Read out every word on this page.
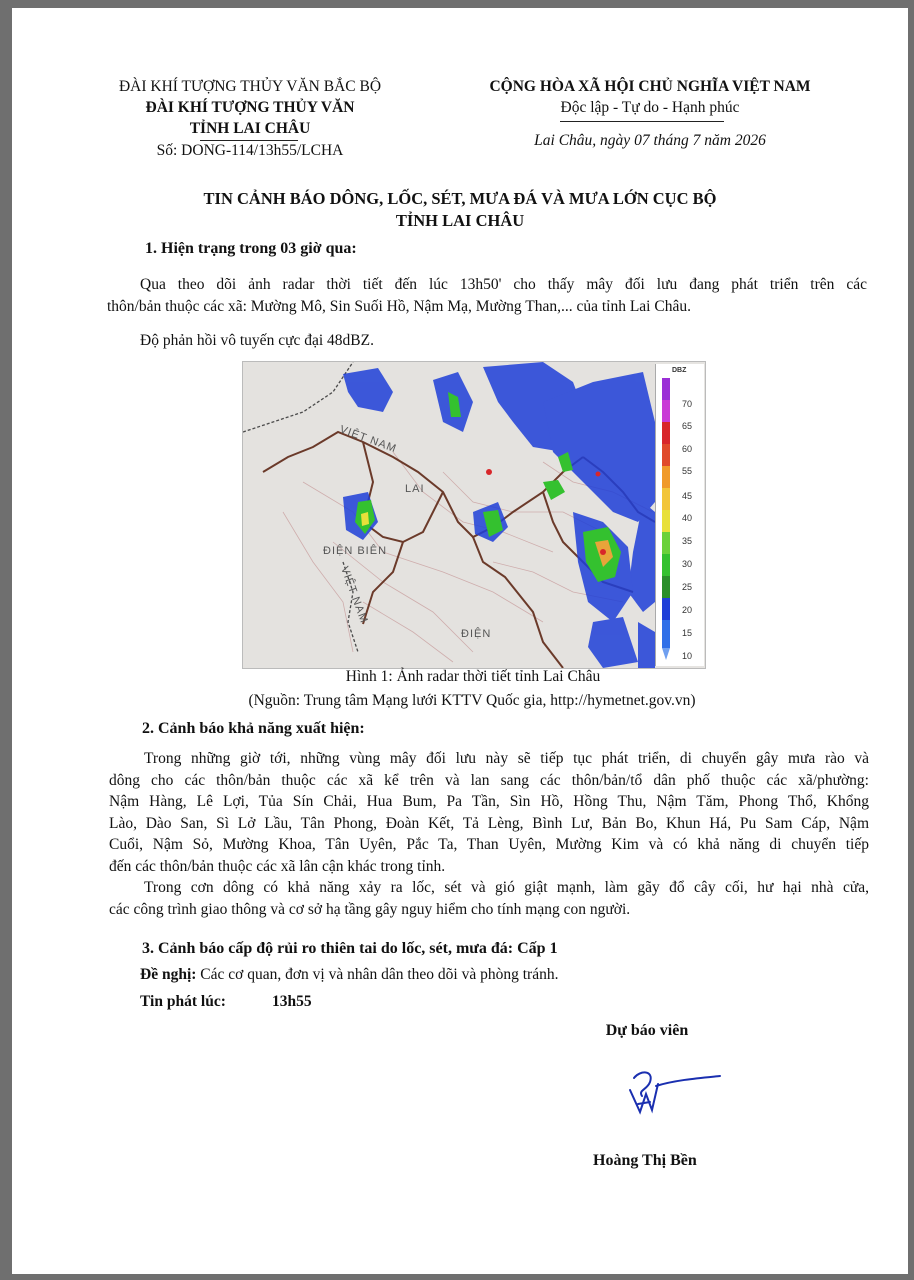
ĐÀI KHÍ TƯỢNG THỦY VĂN BẮC BỘ
ĐÀI KHÍ TƯỢNG THỦY VĂN
TỈNH LAI CHÂU
Số: DONG-114/13h55/LCHA
CỘNG HÒA XÃ HỘI CHỦ NGHĨA VIỆT NAM
Độc lập - Tự do - Hạnh phúc
Lai Châu, ngày 07 tháng 7 năm 2026
TIN CẢNH BÁO DÔNG, LỐC, SÉT, MƯA ĐÁ VÀ MƯA LỚN CỤC BỘ
TỈNH LAI CHÂU
1. Hiện trạng trong 03 giờ qua:
Qua theo dõi ảnh radar thời tiết đến lúc 13h50' cho thấy mây đối lưu đang phát triển trên các
thôn/bản thuộc các xã: Mường Mô, Sin Suối Hồ, Nậm Mạ, Mường Than,... của tỉnh Lai Châu.
Độ phản hồi vô tuyến cực đại 48dBZ.
VIỆT NAM
LAI
ĐIỆN BIÊN
VIỆT NAM
ĐIỆN
DBZ
70
65
60
55
45
40
35
30
25
20
15
10
Hình 1: Ảnh radar thời tiết tỉnh Lai Châu
(Nguồn: Trung tâm Mạng lưới KTTV Quốc gia, http://hymetnet.gov.vn)
2. Cảnh báo khả năng xuất hiện:
Trong những giờ tới, những vùng mây đối lưu này sẽ tiếp tục phát triển, di chuyển gây mưa rào và
dông cho các thôn/bản thuộc các xã kể trên và lan sang các thôn/bản/tổ dân phố thuộc các xã/phường:
Nậm Hàng, Lê Lợi, Tủa Sín Chải, Hua Bum, Pa Tần, Sìn Hồ, Hồng Thu, Nậm Tăm, Phong Thổ, Khổng
Lào, Dào San, Sì Lở Lầu, Tân Phong, Đoàn Kết, Tả Lèng, Bình Lư, Bản Bo, Khun Há, Pu Sam Cáp, Nậm
Cuổi, Nậm Sỏ, Mường Khoa, Tân Uyên, Pắc Ta, Than Uyên, Mường Kim và có khả năng di chuyển tiếp
đến các thôn/bản thuộc các xã lân cận khác trong tỉnh.
Trong cơn dông có khả năng xảy ra lốc, sét và gió giật mạnh, làm gãy đổ cây cối, hư hại nhà cửa,
các công trình giao thông và cơ sở hạ tầng gây nguy hiểm cho tính mạng con người.
3. Cảnh báo cấp độ rủi ro thiên tai do lốc, sét, mưa đá: Cấp 1
Đề nghị: Các cơ quan, đơn vị và nhân dân theo dõi và phòng tránh.
Tin phát lúc:	13h55
Dự báo viên
Hoàng Thị Bền
